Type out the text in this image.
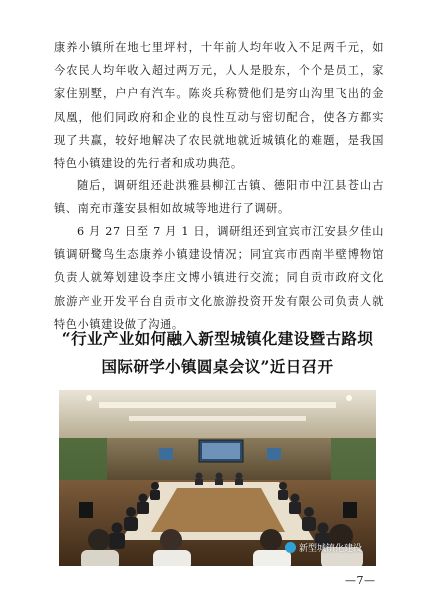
康养小镇所在地七里坪村，十年前人均年收入不足两千元，如今农民人均年收入超过两万元，人人是股东，个个是员工，家家住别墅，户户有汽车。陈炎兵称赞他们是穷山沟里飞出的金凤凰，他们同政府和企业的良性互动与密切配合，使各方都实现了共赢，较好地解决了农民就地就近城镇化的难题，是我国特色小镇建设的先行者和成功典范。

随后，调研组还赴洪雅县柳江古镇、德阳市中江县苍山古镇、南充市蓬安县相如故城等地进行了调研。

6 月 27 日至 7 月 1 日，调研组还到宜宾市江安县夕佳山镇调研鹭鸟生态康养小镇建设情况；同宜宾市西南半壁博物馆负责人就筹划建设李庄文博小镇进行交流；同自贡市政府文化旅游产业开发平台自贡市文化旅游投资开发有限公司负责人就特色小镇建设做了沟通。

“行业产业如何融入新型城镇化建设暨古路坝
国际研学小镇圆桌会议”近日召开
新型城镇化建设
—7—
